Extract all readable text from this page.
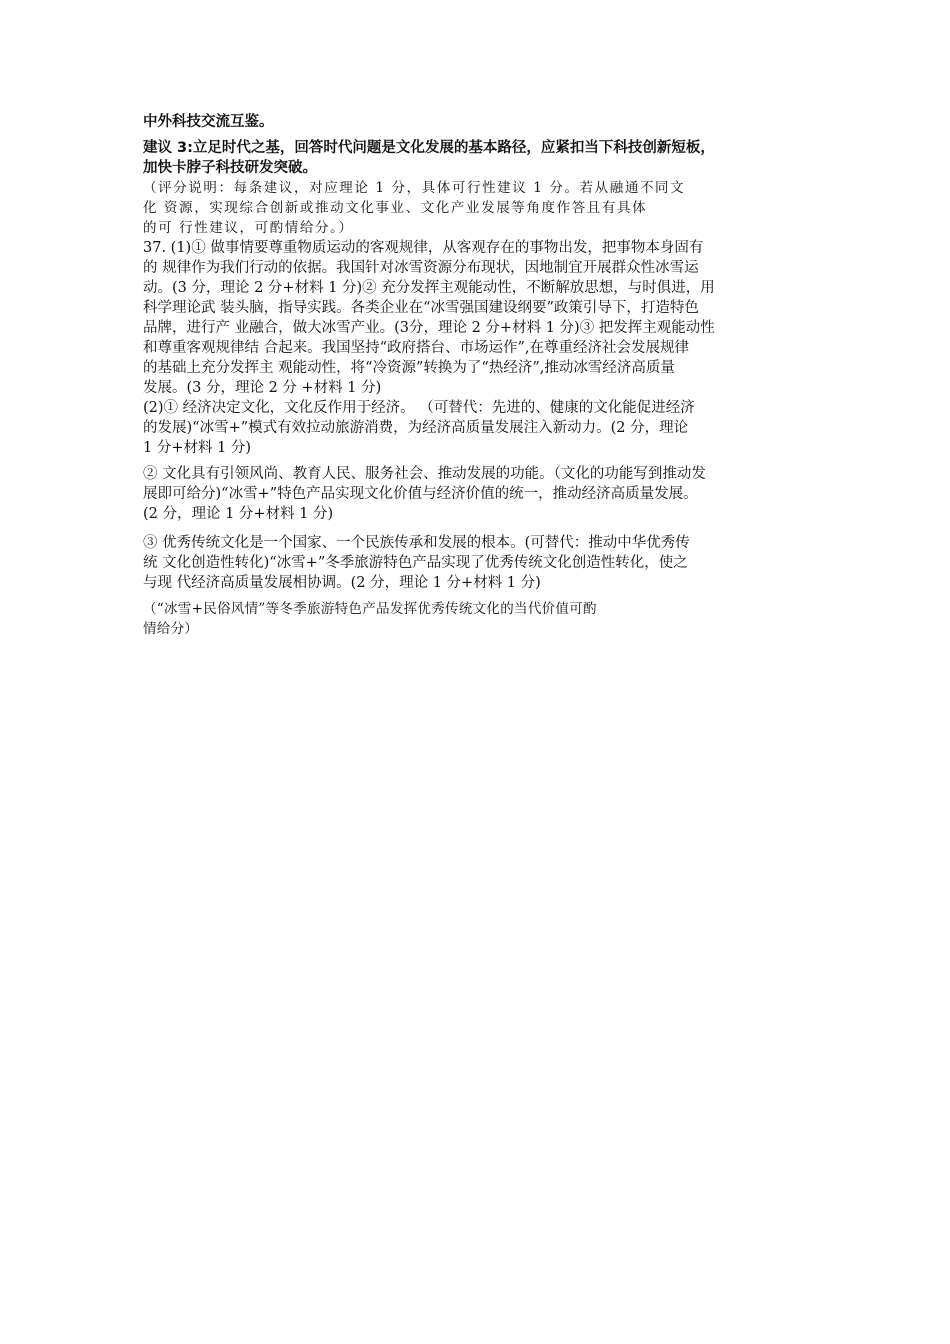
中外科技交流互鉴。
建议 3:立足时代之基，回答时代问题是文化发展的基本路径，应紧扣当下科技创新短板，
加快卡脖子科技研发突破。
（评分说明：每条建议，对应理论 1 分，具体可行性建议 1 分。若从融通不同文
化 资源，实现综合创新或推动文化事业、文化产业发展等角度作答且有具体
的可 行性建议，可酌情给分。）
37. (1)① 做事情要尊重物质运动的客观规律，从客观存在的事物出发，把事物本身固有
的 规律作为我们行动的依据。我国针对冰雪资源分布现状，因地制宜开展群众性冰雪运
动。(3 分，理论 2 分+材料 1 分)② 充分发挥主观能动性，不断解放思想，与时俱进，用
科学理论武 装头脑，指导实践。各类企业在“冰雪强国建设纲要”政策引导下，打造特色
品牌，进行产 业融合，做大冰雪产业。(3分，理论 2 分+材料 1 分)③ 把发挥主观能动性
和尊重客观规律结 合起来。我国坚持“政府搭台、市场运作”,在尊重经济社会发展规律
的基础上充分发挥主 观能动性，将“冷资源”转换为了“热经济”,推动冰雪经济高质量
发展。(3 分，理论 2 分 +材料 1 分)
(2)① 经济决定文化，文化反作用于经济。 （可替代：先进的、健康的文化能促进经济
的发展)“冰雪+”模式有效拉动旅游消费，为经济高质量发展注入新动力。(2 分，理论
1 分+材料 1 分)
② 文化具有引领风尚、教育人民、服务社会、推动发展的功能。（文化的功能写到推动发
展即可给分)“冰雪+”特色产品实现文化价值与经济价值的统一，推动经济高质量发展。
(2 分，理论 1 分+材料 1 分)
③ 优秀传统文化是一个国家、一个民族传承和发展的根本。(可替代：推动中华优秀传
统 文化创造性转化)“冰雪+”冬季旅游特色产品实现了优秀传统文化创造性转化，使之
与现 代经济高质量发展相协调。(2 分，理论 1 分+材料 1 分)
（“冰雪+民俗风情”等冬季旅游特色产品发挥优秀传统文化的当代价值可酌
情给分）
